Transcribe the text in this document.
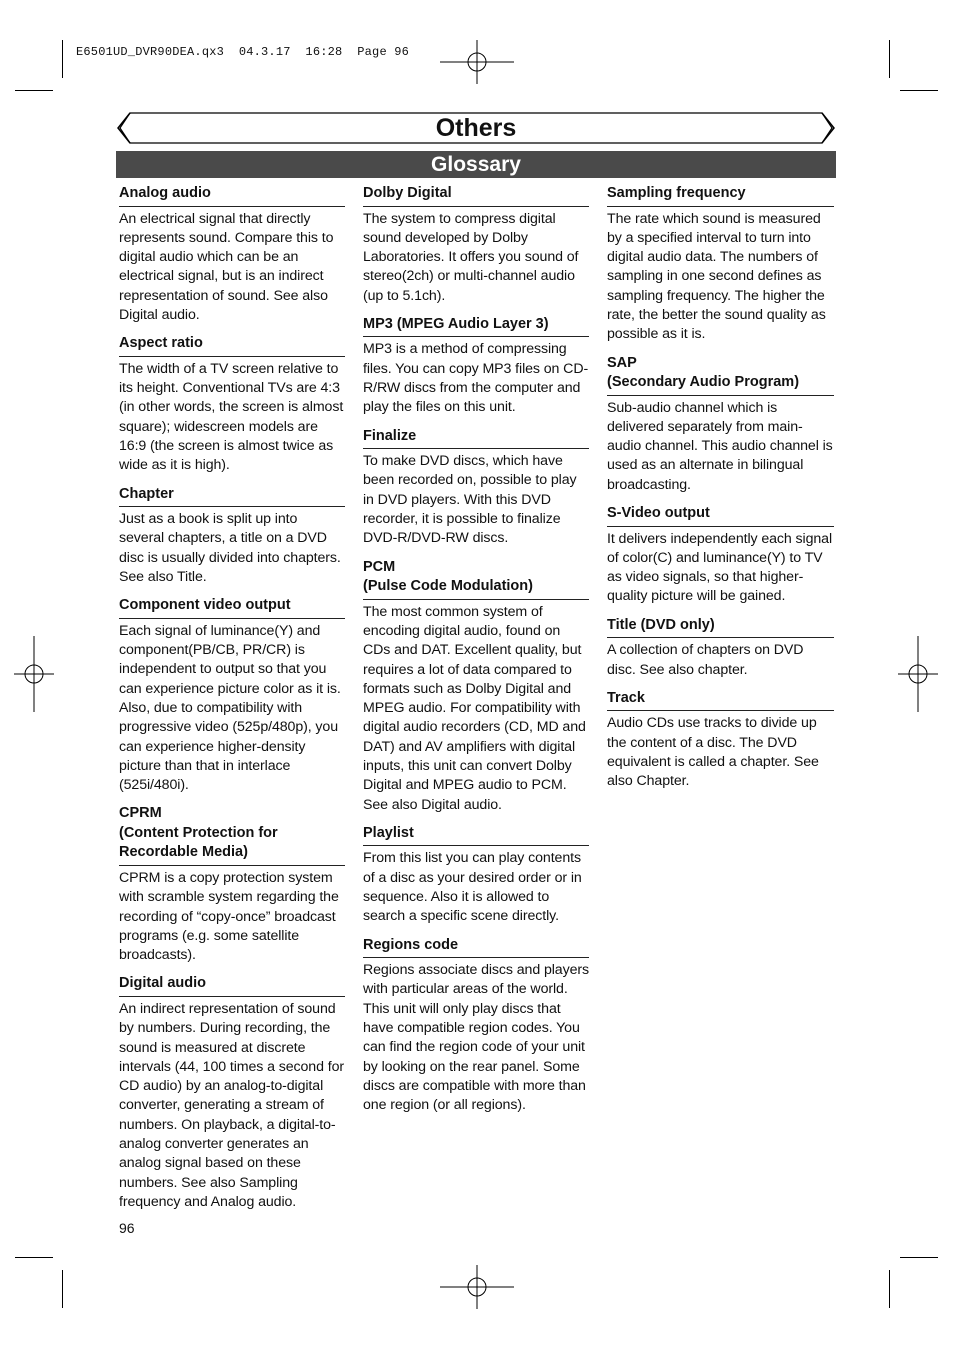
E6501UD_DVR90DEA.qx3  04.3.17  16:28  Page 96
Others
Glossary
Analog audio
An electrical signal that directly represents sound. Compare this to digital audio which can be an electrical signal, but is an indirect representation of sound. See also Digital audio.
Aspect ratio
The width of a TV screen relative to its height. Conventional TVs are 4:3 (in other words, the screen is almost square); widescreen models are 16:9 (the screen is almost twice as wide as it is high).
Chapter
Just as a book is split up into several chapters, a title on a DVD disc is usually divided into chapters. See also Title.
Component video output
Each signal of luminance(Y) and component(PB/CB, PR/CR) is independent to output so that you can experience picture color as it is. Also, due to compatibility with progressive video (525p/480p), you can experience higher-density picture than that in interlace (525i/480i).
CPRM
(Content Protection for Recordable Media)
CPRM is a copy protection system with scramble system regarding the recording of “copy-once” broadcast programs (e.g. some satellite broadcasts).
Digital audio
An indirect representation of sound by numbers. During recording, the sound is measured at discrete intervals (44, 100 times a second for CD audio) by an analog-to-digital converter, generating a stream of numbers. On playback, a digital-to-analog converter generates an analog signal based on these numbers. See also Sampling frequency and Analog audio.
Dolby Digital
The system to compress digital sound developed by Dolby Laboratories. It offers you sound of stereo(2ch) or multi-channel audio (up to 5.1ch).
MP3 (MPEG Audio Layer 3)
MP3 is a method of compressing files. You can copy MP3 files on CD-R/RW discs from the computer and play the files on this unit.
Finalize
To make DVD discs, which have been recorded on, possible to play in DVD players. With this DVD recorder, it is possible to finalize DVD-R/DVD-RW discs.
PCM
(Pulse Code Modulation)
The most common system of encoding digital audio, found on CDs and DAT. Excellent quality, but requires a lot of data compared to formats such as Dolby Digital and MPEG audio. For compatibility with digital audio recorders (CD, MD and DAT) and AV amplifiers with digital inputs, this unit can convert Dolby Digital and MPEG audio to PCM. See also Digital audio.
Playlist
From this list you can play contents of a disc as your desired order or in sequence. Also it is allowed to search a specific scene directly.
Regions code
Regions associate discs and players with particular areas of the world. This unit will only play discs that have compatible region codes. You can find the region code of your unit by looking on the rear panel. Some discs are compatible with more than one region (or all regions).
Sampling frequency
The rate which sound is measured by a specified interval to turn into digital audio data. The numbers of sampling in one second defines as sampling frequency. The higher the rate, the better the sound quality as possible as it is.
SAP
(Secondary Audio Program)
Sub-audio channel which is delivered separately from main-audio channel. This audio channel is used as an alternate in bilingual broadcasting.
S-Video output
It delivers independently each signal of color(C) and luminance(Y) to TV as video signals, so that higher-quality picture will be gained.
Title (DVD only)
A collection of chapters on DVD disc. See also chapter.
Track
Audio CDs use tracks to divide up the content of a disc. The DVD equivalent is called a chapter. See also Chapter.
96
